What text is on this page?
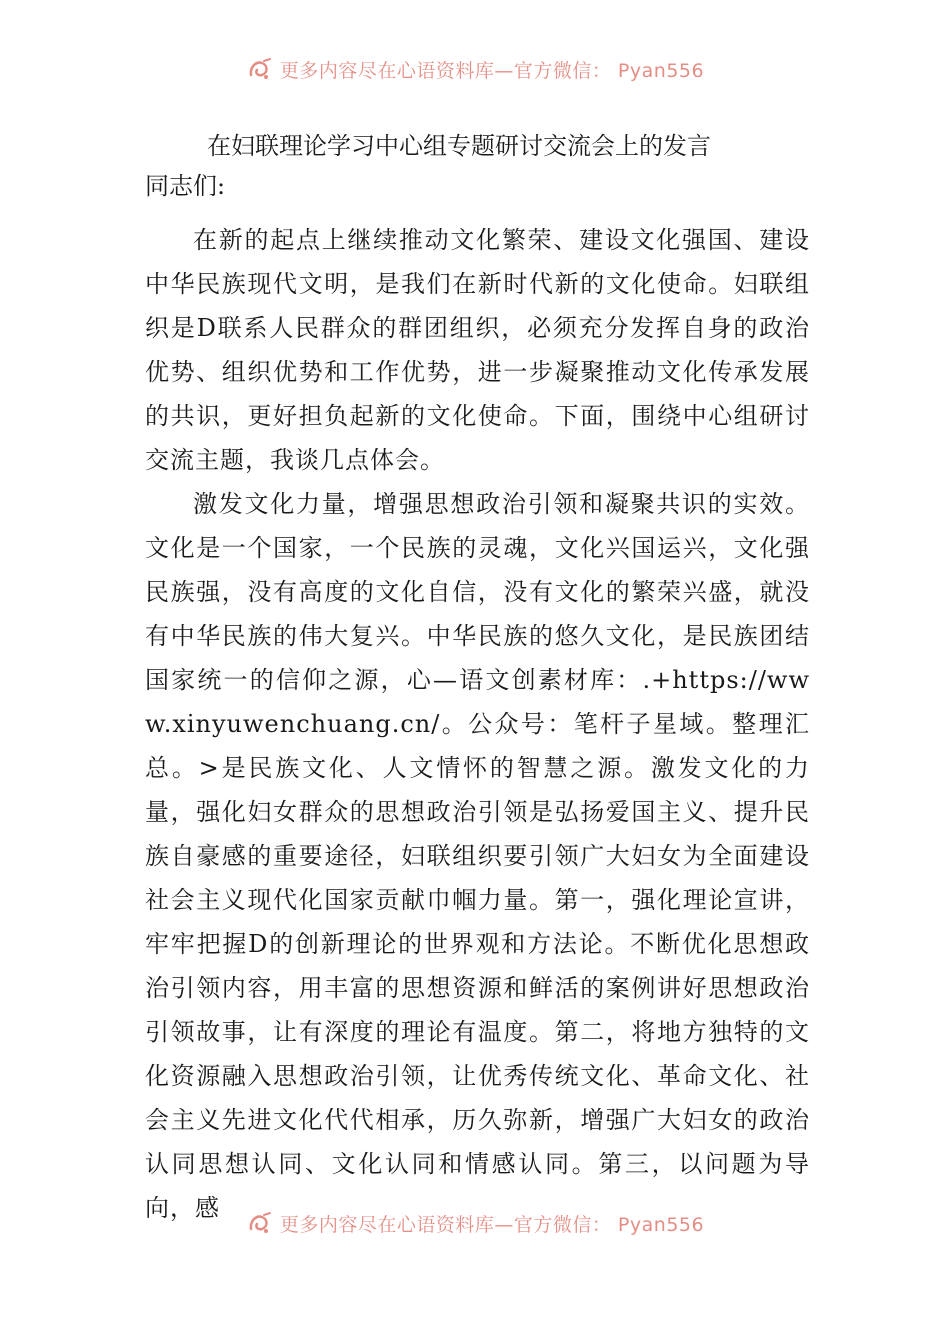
更多内容尽在心语资料库—官方微信： Pyan556
在妇联理论学习中心组专题研讨交流会上的发言
同志们:

在新的起点上继续推动文化繁荣、建设文化强国、建设中华民族现代文明，是我们在新时代新的文化使命。妇联组织是D联系人民群众的群团组织，必须充分发挥自身的政治优势、组织优势和工作优势，进一步凝聚推动文化传承发展的共识，更好担负起新的文化使命。下面，围绕中心组研讨交流主题，我谈几点体会。

激发文化力量，增强思想政治引领和凝聚共识的实效。文化是一个国家，一个民族的灵魂，文化兴国运兴，文化强民族强，没有高度的文化自信，没有文化的繁荣兴盛，就没有中华民族的伟大复兴。中华民族的悠久文化，是民族团结国家统一的信仰之源，心—语文创素材库：.+https://www.xinyuwenchuang.cn/。公众号：笔杆子星域。整理汇总。>是民族文化、人文情怀的智慧之源。激发文化的力量，强化妇女群众的思想政治引领是弘扬爱国主义、提升民族自豪感的重要途径，妇联组织要引领广大妇女为全面建设社会主义现代化国家贡献巾帼力量。第一，强化理论宣讲，牢牢把握D的创新理论的世界观和方法论。不断优化思想政治引领内容，用丰富的思想资源和鲜活的案例讲好思想政治引领故事，让有深度的理论有温度。第二，将地方独特的文化资源融入思想政治引领，让优秀传统文化、革命文化、社会主义先进文化代代相承，历久弥新，增强广大妇女的政治认同思想认同、文化认同和情感认同。第三，以问题为导向，感

更多内容尽在心语资料库—官方微信： Pyan556
